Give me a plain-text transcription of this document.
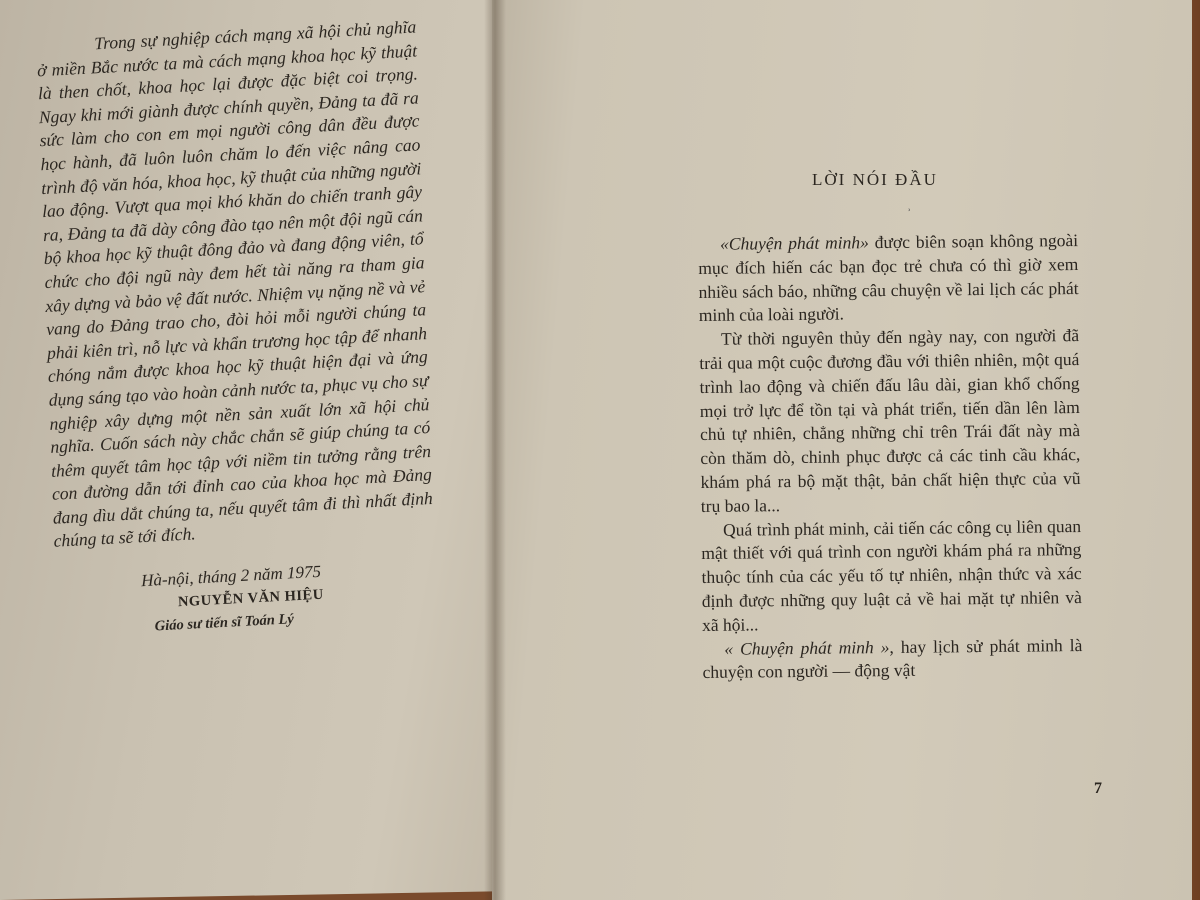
Trong sự nghiệp cách mạng xã hội chủ nghĩa ở miền Bắc nước ta mà cách mạng khoa học kỹ thuật là then chốt, khoa học lại được đặc biệt coi trọng. Ngay khi mới giành được chính quyền, Đảng ta đã ra sức làm cho con em mọi người công dân đều được học hành, đã luôn luôn chăm lo đến việc nâng cao trình độ văn hóa, khoa học, kỹ thuật của những người lao động. Vượt qua mọi khó khăn do chiến tranh gây ra, Đảng ta đã dày công đào tạo nên một đội ngũ cán bộ khoa học kỹ thuật đông đảo và đang động viên, tổ chức cho đội ngũ này đem hết tài năng ra tham gia xây dựng và bảo vệ đất nước. Nhiệm vụ nặng nề và vẻ vang do Đảng trao cho, đòi hỏi mỗi người chúng ta phải kiên trì, nỗ lực và khẩn trương học tập để nhanh chóng nắm được khoa học kỹ thuật hiện đại và ứng dụng sáng tạo vào hoàn cảnh nước ta, phục vụ cho sự nghiệp xây dựng một nền sản xuất lớn xã hội chủ nghĩa. Cuốn sách này chắc chắn sẽ giúp chúng ta có thêm quyết tâm học tập với niềm tin tưởng rằng trên con đường dẫn tới đỉnh cao của khoa học mà Đảng đang dìu dắt chúng ta, nếu quyết tâm đi thì nhất định chúng ta sẽ tới đích.

Hà-nội, tháng 2 năm 1975
NGUYỄN VĂN HIỆU
Giáo sư tiến sĩ Toán Lý
LỜI NÓI ĐẦU
ʾ

«Chuyện phát minh» được biên soạn không ngoài mục đích hiến các bạn đọc trẻ chưa có thì giờ xem nhiều sách báo, những câu chuyện về lai lịch các phát minh của loài người.

Từ thời nguyên thủy đến ngày nay, con người đã trải qua một cuộc đương đầu với thiên nhiên, một quá trình lao động và chiến đấu lâu dài, gian khổ chống mọi trở lực để tồn tại và phát triển, tiến dần lên làm chủ tự nhiên, chẳng những chỉ trên Trái đất này mà còn thăm dò, chinh phục được cả các tinh cầu khác, khám phá ra bộ mặt thật, bản chất hiện thực của vũ trụ bao la...

Quá trình phát minh, cải tiến các công cụ liên quan mật thiết với quá trình con người khám phá ra những thuộc tính của các yếu tố tự nhiên, nhận thức và xác định được những quy luật cả về hai mặt tự nhiên và xã hội...

« Chuyện phát minh », hay lịch sử phát minh là chuyện con người — động vật

7
